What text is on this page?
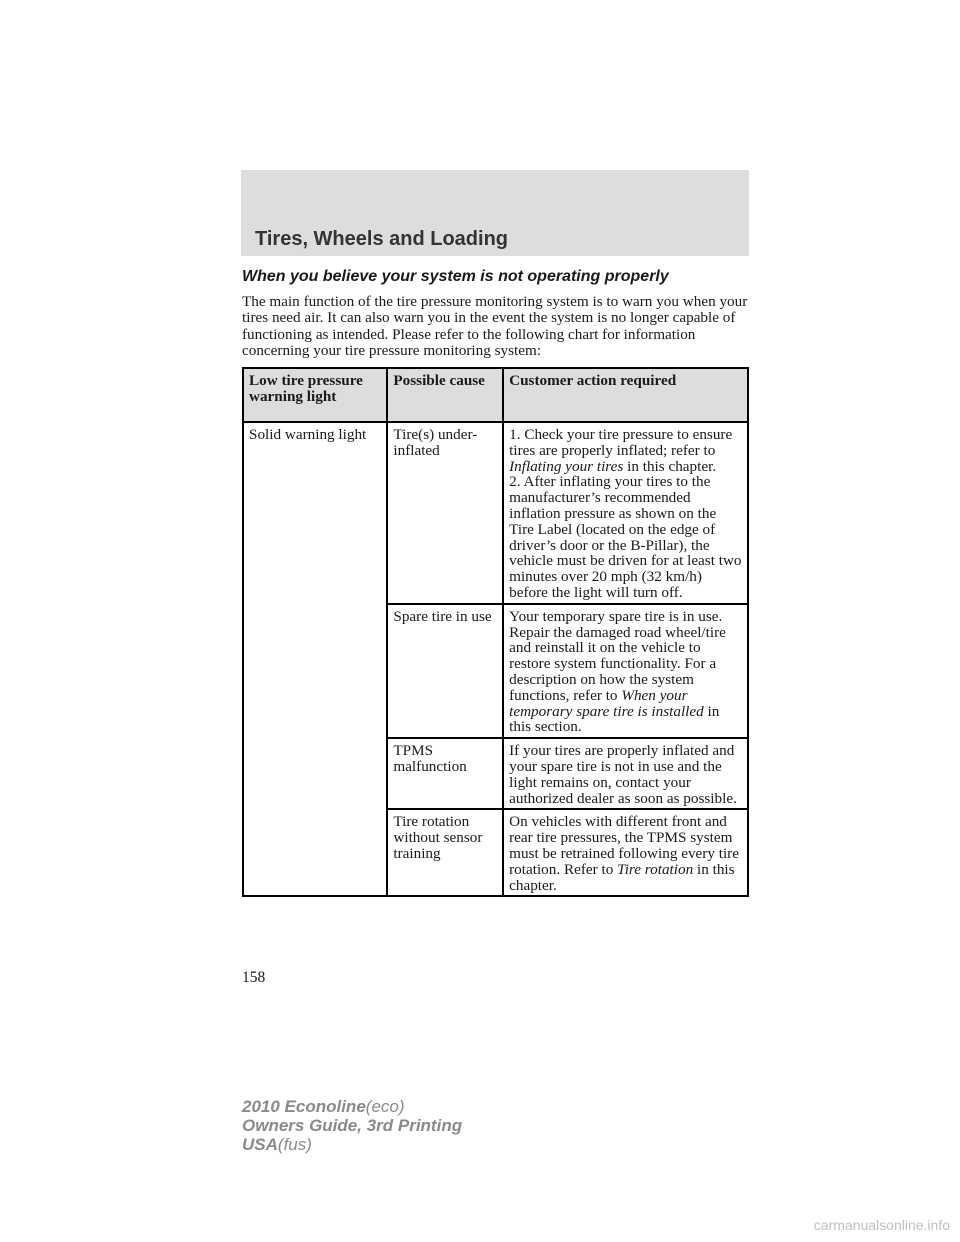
Tires, Wheels and Loading
When you believe your system is not operating properly

The main function of the tire pressure monitoring system is to warn you when your tires need air. It can also warn you in the event the system is no longer capable of functioning as intended. Please refer to the following chart for information concerning your tire pressure monitoring system:

Low tire pressure warning light	Possible cause	Customer action required
Solid warning light	Tire(s) under-inflated	1. Check your tire pressure to ensure tires are properly inflated; refer to Inflating your tires in this chapter.
2. After inflating your tires to the manufacturer’s recommended inflation pressure as shown on the Tire Label (located on the edge of driver’s door or the B-Pillar), the vehicle must be driven for at least two minutes over 20 mph (32 km/h) before the light will turn off.
	Spare tire in use	Your temporary spare tire is in use. Repair the damaged road wheel/tire and reinstall it on the vehicle to restore system functionality. For a description on how the system functions, refer to When your temporary spare tire is installed in this section.
	TPMS malfunction	If your tires are properly inflated and your spare tire is not in use and the light remains on, contact your authorized dealer as soon as possible.
	Tire rotation without sensor training	On vehicles with different front and rear tire pressures, the TPMS system must be retrained following every tire rotation. Refer to Tire rotation in this chapter.
158
2010 Econoline(eco)
Owners Guide, 3rd Printing
USA(fus)
carmanualsonline.info
